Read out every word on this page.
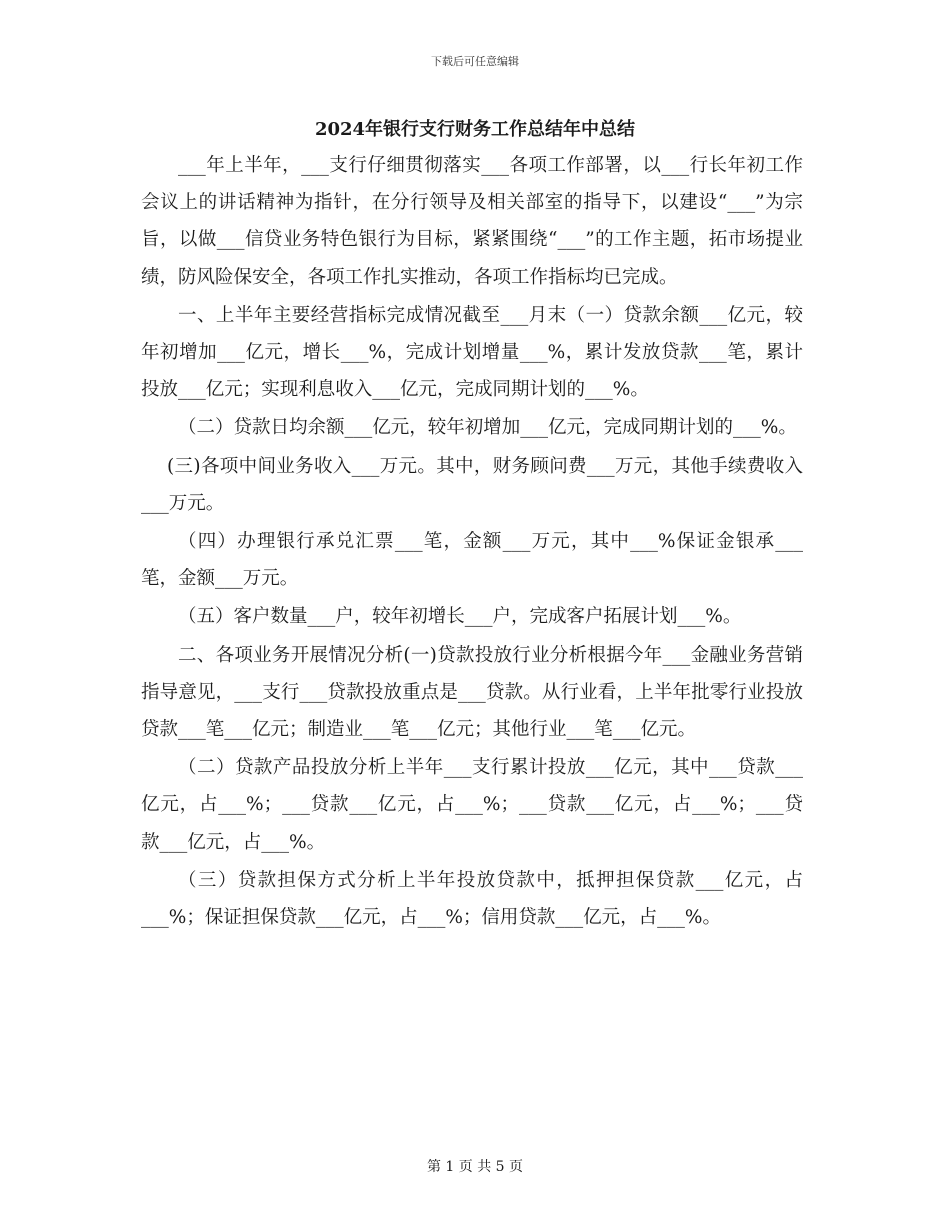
下载后可任意编辑
2024年银行支行财务工作总结年中总结

___年上半年，___支行仔细贯彻落实___各项工作部署，以___行长年初工作会议上的讲话精神为指针，在分行领导及相关部室的指导下，以建设“___”为宗旨，以做___信贷业务特色银行为目标，紧紧围绕“___”的工作主题，拓市场提业绩，防风险保安全，各项工作扎实推动，各项工作指标均已完成。

一、上半年主要经营指标完成情况截至___月末（一）贷款余额___亿元，较年初增加___亿元，增长___%，完成计划增量___%，累计发放贷款___笔，累计投放___亿元；实现利息收入___亿元，完成同期计划的___%。

（二）贷款日均余额___亿元，较年初增加___亿元，完成同期计划的___%。

(三)各项中间业务收入___万元。其中，财务顾问费___万元，其他手续费收入___万元。

（四）办理银行承兑汇票___笔，金额___万元，其中___%保证金银承___笔，金额___万元。

（五）客户数量___户，较年初增长___户，完成客户拓展计划___%。

二、各项业务开展情况分析(一)贷款投放行业分析根据今年___金融业务营销指导意见，___支行___贷款投放重点是___贷款。从行业看，上半年批零行业投放贷款___笔___亿元；制造业___笔___亿元；其他行业___笔___亿元。

（二）贷款产品投放分析上半年___支行累计投放___亿元，其中___贷款___亿元，占___%；___贷款___亿元，占___%；___贷款___亿元，占___%；___贷款___亿元，占___%。

（三）贷款担保方式分析上半年投放贷款中，抵押担保贷款___亿元，占___%；保证担保贷款___亿元，占___%；信用贷款___亿元，占___%。

第 1 页 共 5 页
